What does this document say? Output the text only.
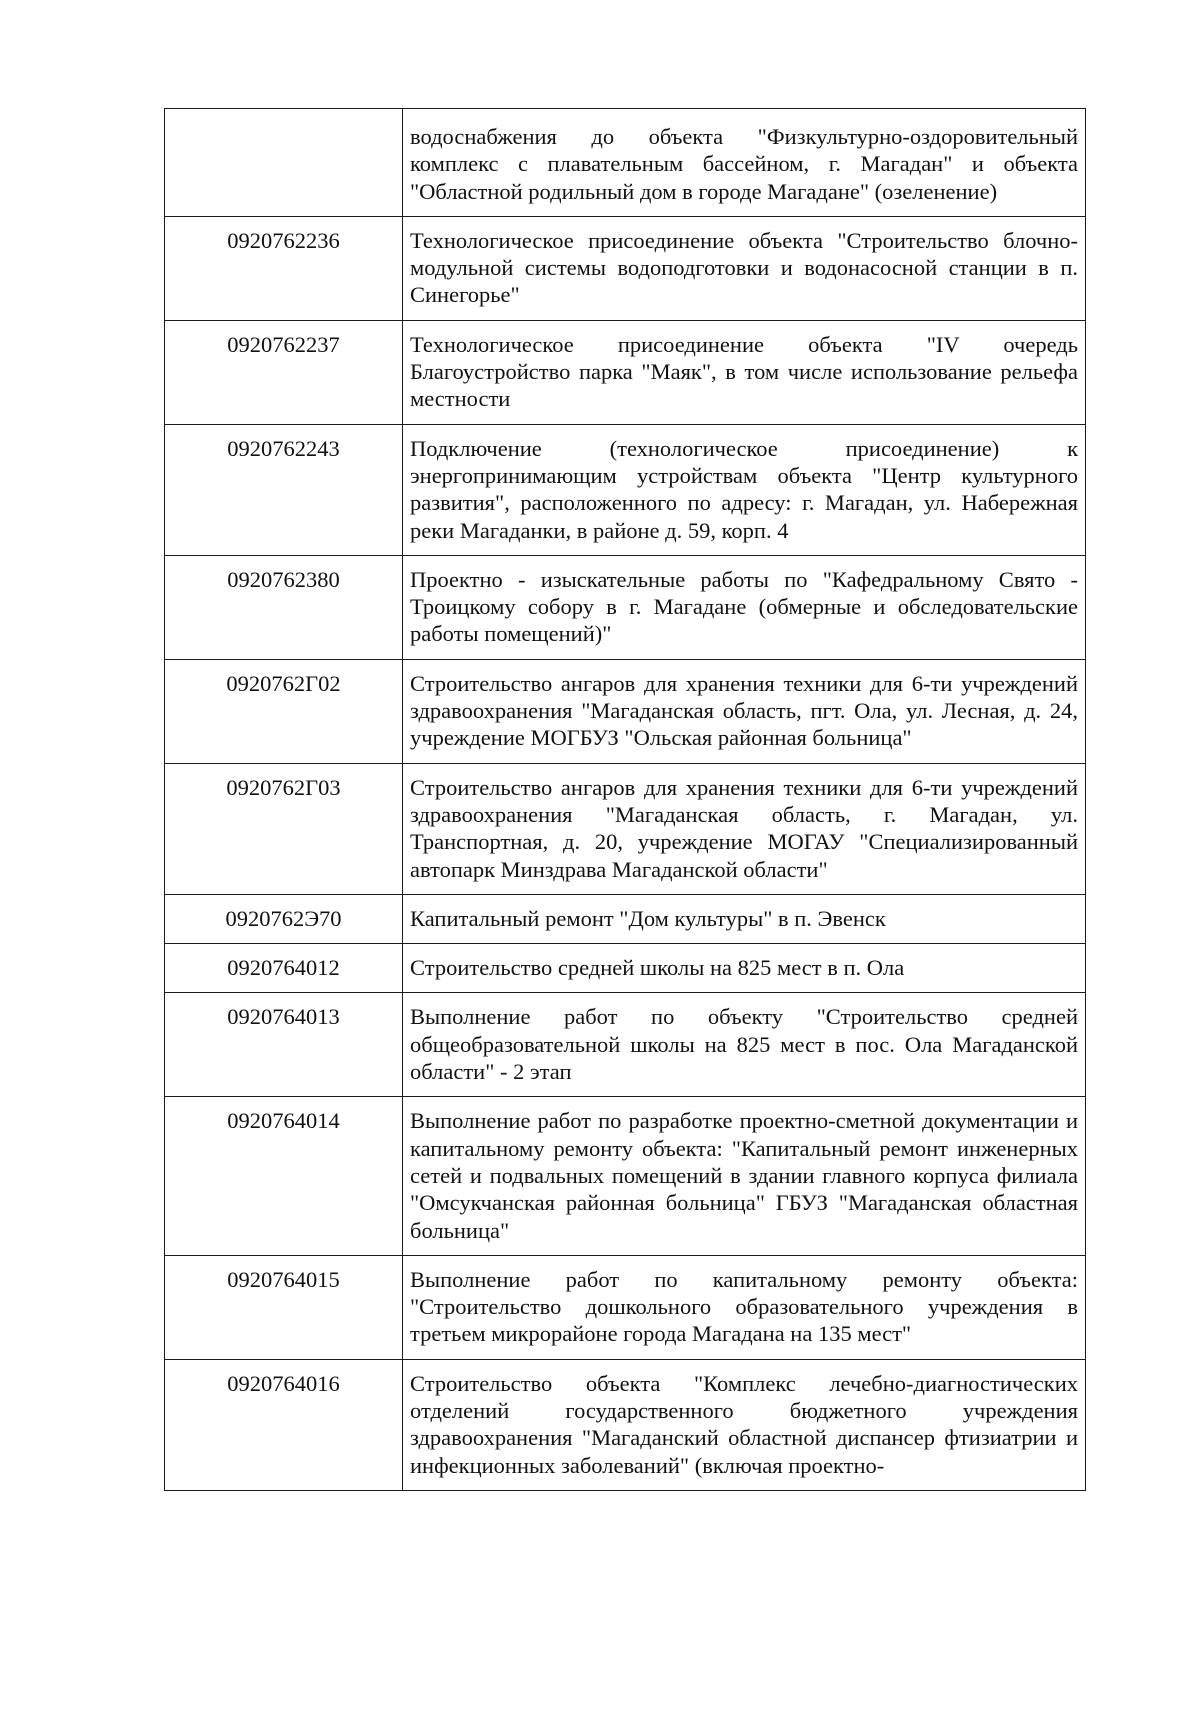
	водоснабжения до объекта "Физкультурно-оздоровительный комплекс с плавательным бассейном, г. Магадан" и объекта "Областной родильный дом в городе Магадане" (озеленение)
0920762236	Технологическое присоединение объекта "Строительство блочно-модульной системы водоподготовки и водонасосной станции в п. Синегорье"
0920762237	Технологическое присоединение объекта "IV очередь Благоустройство парка "Маяк", в том числе использование рельефа местности
0920762243	Подключение (технологическое присоединение) к энергопринимающим устройствам объекта "Центр культурного развития", расположенного по адресу: г. Магадан, ул. Набережная реки Магаданки, в районе д. 59, корп. 4
0920762380	Проектно - изыскательные работы по "Кафедральному Свято - Троицкому собору в г. Магадане (обмерные и обследовательские работы помещений)"
0920762Г02	Строительство ангаров для хранения техники для 6-ти учреждений здравоохранения "Магаданская область, пгт. Ола, ул. Лесная, д. 24, учреждение МОГБУЗ "Ольская районная больница"
0920762Г03	Строительство ангаров для хранения техники для 6-ти учреждений здравоохранения "Магаданская область, г. Магадан, ул. Транспортная, д. 20, учреждение МОГАУ "Специализированный автопарк Минздрава Магаданской области"
0920762Э70	Капитальный ремонт "Дом культуры" в п. Эвенск
0920764012	Строительство средней школы на 825 мест в п. Ола
0920764013	Выполнение работ по объекту "Строительство средней общеобразовательной школы на 825 мест в пос. Ола Магаданской области" - 2 этап
0920764014	Выполнение работ по разработке проектно-сметной документации и капитальному ремонту объекта: "Капитальный ремонт инженерных сетей и подвальных помещений в здании главного корпуса филиала "Омсукчанская районная больница" ГБУЗ "Магаданская областная больница"
0920764015	Выполнение работ по капитальному ремонту объекта: "Строительство дошкольного образовательного учреждения в третьем микрорайоне города Магадана на 135 мест"
0920764016	Строительство объекта "Комплекс лечебно-диагностических отделений государственного бюджетного учреждения здравоохранения "Магаданский областной диспансер фтизиатрии и инфекционных заболеваний" (включая проектно-
